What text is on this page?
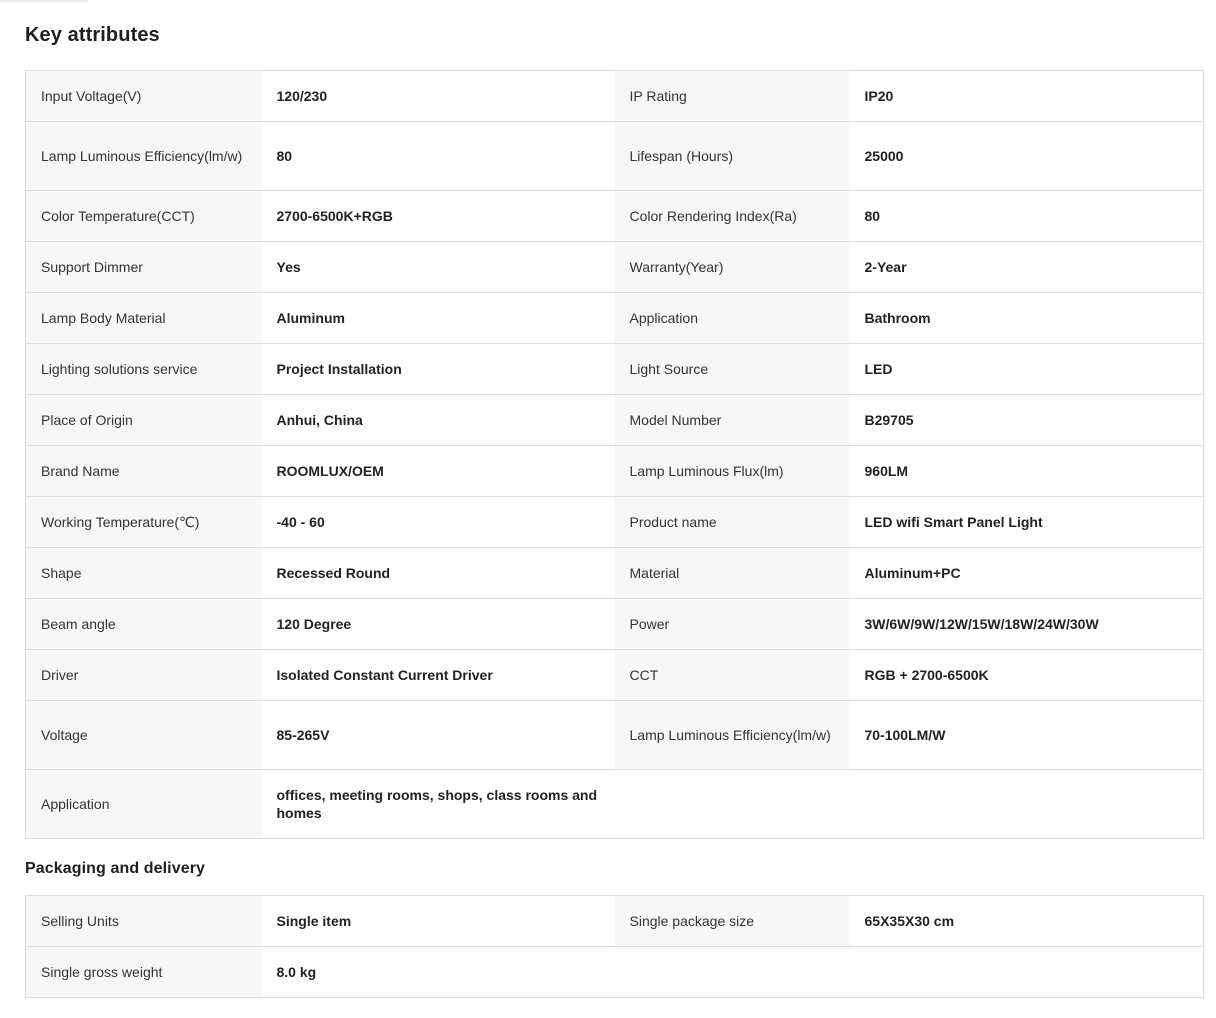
Key attributes
Input Voltage(V)	120/230	IP Rating	IP20
Lamp Luminous Efficiency(lm/w)	80	Lifespan (Hours)	25000
Color Temperature(CCT)	2700-6500K+RGB	Color Rendering Index(Ra)	80
Support Dimmer	Yes	Warranty(Year)	2-Year
Lamp Body Material	Aluminum	Application	Bathroom
Lighting solutions service	Project Installation	Light Source	LED
Place of Origin	Anhui, China	Model Number	B29705
Brand Name	ROOMLUX/OEM	Lamp Luminous Flux(lm)	960LM
Working Temperature(℃)	-40 - 60	Product name	LED wifi Smart Panel Light
Shape	Recessed Round	Material	Aluminum+PC
Beam angle	120 Degree	Power	3W/6W/9W/12W/15W/18W/24W/30W
Driver	Isolated Constant Current Driver	CCT	RGB + 2700-6500K
Voltage	85-265V	Lamp Luminous Efficiency(lm/w)	70-100LM/W
Application	offices, meeting rooms, shops, class rooms and homes		
Packaging and delivery
Selling Units	Single item	Single package size	65X35X30 cm
Single gross weight	8.0 kg		
